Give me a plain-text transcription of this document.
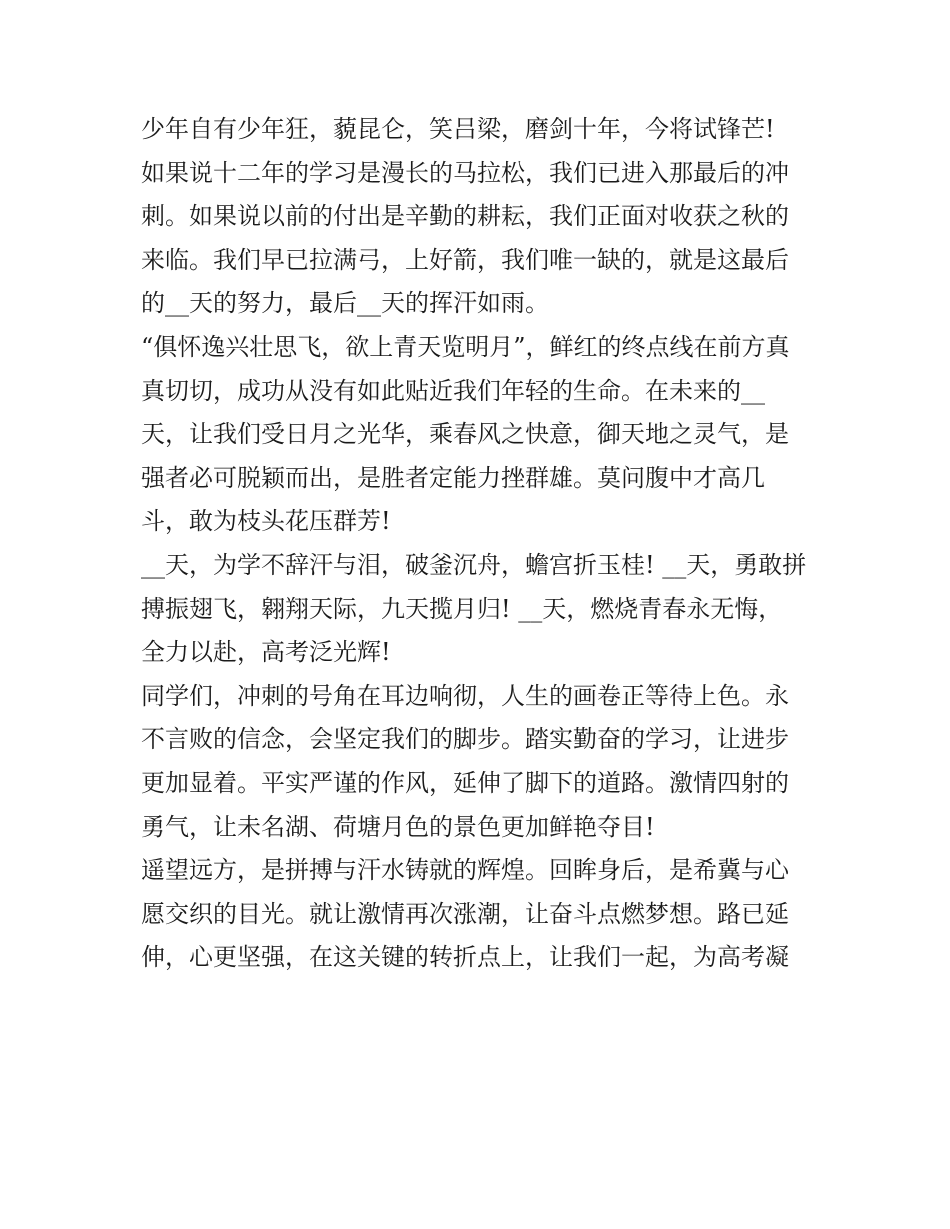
少年自有少年狂，藐昆仑，笑吕梁，磨剑十年，今将试锋芒!
如果说十二年的学习是漫长的马拉松，我们已进入那最后的冲
刺。如果说以前的付出是辛勤的耕耘，我们正面对收获之秋的
来临。我们早已拉满弓，上好箭，我们唯一缺的，就是这最后
的__天的努力，最后__天的挥汗如雨。
“俱怀逸兴壮思飞，欲上青天览明月”，鲜红的终点线在前方真
真切切，成功从没有如此贴近我们年轻的生命。在未来的__
天，让我们受日月之光华，乘春风之快意，御天地之灵气，是
强者必可脱颖而出，是胜者定能力挫群雄。莫问腹中才高几
斗，敢为枝头花压群芳!
__天，为学不辞汗与泪，破釜沉舟，蟾宫折玉桂! __天，勇敢拼
搏振翅飞，翱翔天际，九天揽月归! __天，燃烧青春永无悔，
全力以赴，高考泛光辉!
同学们，冲刺的号角在耳边响彻，人生的画卷正等待上色。永
不言败的信念，会坚定我们的脚步。踏实勤奋的学习，让进步
更加显着。平实严谨的作风，延伸了脚下的道路。激情四射的
勇气，让未名湖、荷塘月色的景色更加鲜艳夺目!
遥望远方，是拼搏与汗水铸就的辉煌。回眸身后，是希冀与心
愿交织的目光。就让激情再次涨潮，让奋斗点燃梦想。路已延
伸，心更坚强，在这关键的转折点上，让我们一起，为高考凝
